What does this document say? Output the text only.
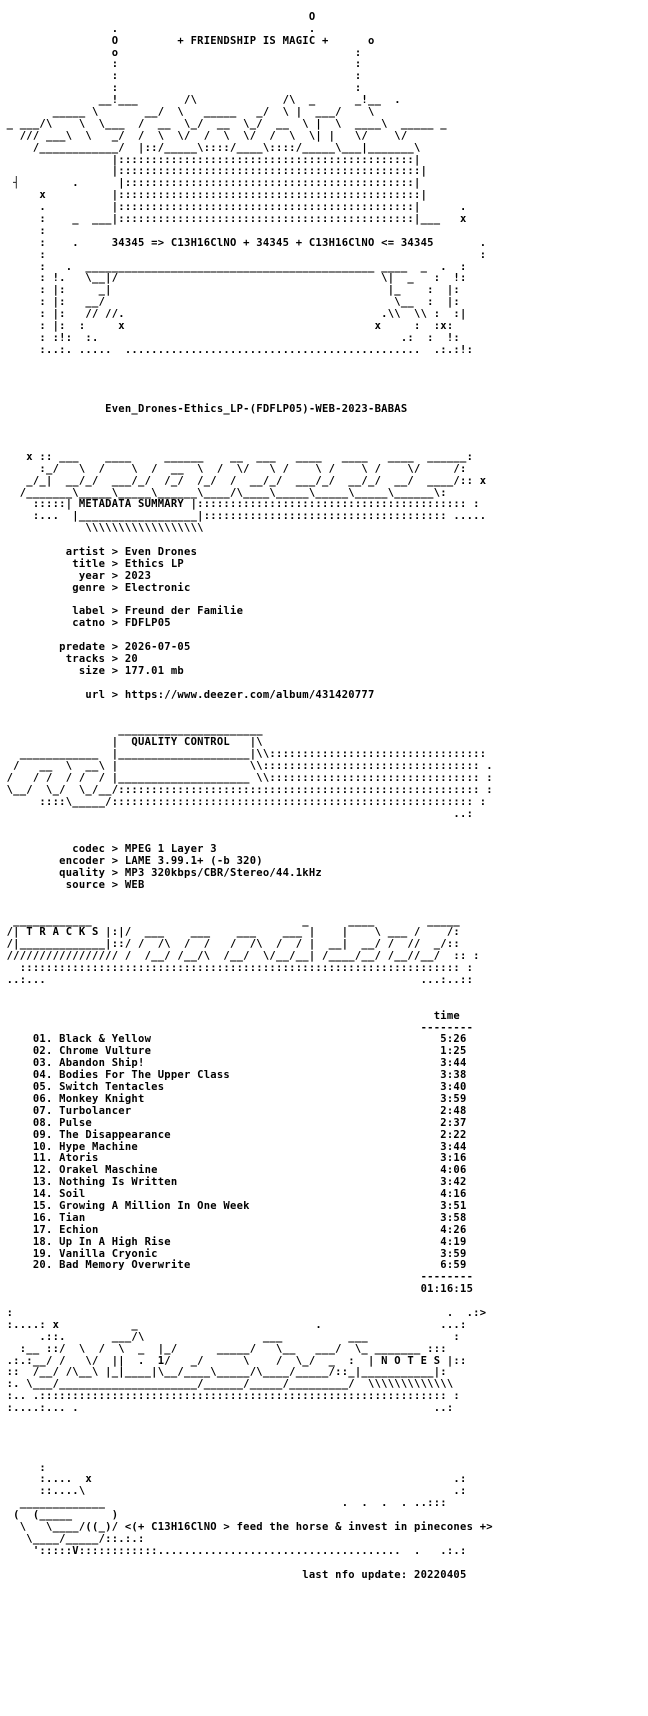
O
.                             .
O         + FRIENDSHIP IS MAGIC +      o
o                                    :
:                                    :
:                                    :
:                                    :
__!___       /\             /\  _      _!__  .
_____ \       __/  \   _____   _/  \ |  ___/    \
_ ___/\    \  \___  /  __  \_/  __  \_/  __  \ |  \  ____\  _____ _
/// ___\  \   _/  /  \  \/  /  \  \/  /  \  \| |   \/    \/
/____________/  |::/_____\::::/____\::::/_____\___|_______\
|:::::::::::::::::::::::::::::::::::::::::::::|
|::::::::::::::::::::::::::::::::::::::::::::::|
┤        .      |::::::::::::::::::::::::::::::::::::::::::::|
x          |::::::::::::::::::::::::::::::::::::::::::::::|
.          |:::::::::::::::::::::::::::::::::::::::::::::|      .
:    _  ___|:::::::::::::::::::::::::::::::::::::::::::::|___   x
:
:    .     34345 => C13H16ClNO + 34345 + C13H16ClNO <= 34345       .
:                                                                  :
:   .  ____________________________________________ ____  _  .  :
: !.   \__|/                                        \|  _   :  !:
: |:     _|                                          |_    :  |:
: |:   __/                                            \__  :  |:
: |:   // //.                                       .\\  \\ :  :|
: |:  :     x                                      x     :  :x:
: :!:  :.                                              .:  :  !:
:..:. .....  .............................................  .:.:!:

Even_Drones-Ethics_LP-(FDFLP05)-WEB-2023-BABAS

x :: ___    ____     ______    __  ___   ____   ____   ____  ______:
:_/   \  /    \  /  __  \  /  \/   \ /    \ /    \ /    \/     /:
_/_|  __/_/  ___/_/  /_/  /_/  /  __/_/  ___/_/  __/_/  __/  ____/:: x
/_______\_____\_____\______\____/\____\_____\_____\_____\______\:
:::::| METADATA SUMMARY |::::::::::::::::::::::::::::::::::::::::: :
:...  |__________________|::::::::::::::::::::::::::::::::::::: .....
\\\\\\\\\\\\\\\\\\

artist > Even Drones
title > Ethics LP
year > 2023
genre > Electronic

label > Freund der Familie
catno > FDFLP05

predate > 2026-07-05
tracks > 20
size > 177.01 mb

url > https://www.deezer.com/album/431420777

______________________
|  QUALITY CONTROL   |\
____________  |____________________|\\:::::::::::::::::::::::::::::::::
/   __  \  __\ |                    \\::::::::::::::::::::::::::::::::: .
/   / /  / /  / |____________________ \\:::::::::::::::::::::::::::::::: :
\__/  \_/  \_/__/::::::::::::::::::::::::::::::::::::::::::::::::::::::: :
::::\_____/::::::::::::::::::::::::::::::::::::::::::::::::::::::: :
..:

codec > MPEG 1 Layer 3
encoder > LAME 3.99.1+ (-b 320)
quality > MP3 320kbps/CBR/Stereo/44.1kHz
source > WEB

____________                                _      ____        _____
/| T R A C K S |:|/  ___    ___    ___    ___ |    |    \ ___ /    /:
/|_____________|::/ /  /\  /  /   /  /\  /  / |  __|  __/ /  //  _/::
///////////////// /  /__/ /__/\  /__/  \/__/__| /____/__/ /__//__/  :: :
::::::::::::::::::::::::::::::::::::::::::::::::::::::::::::::::::: :
..:...                                                         ...:..::

time
--------
01. Black & Yellow                                            5:26
02. Chrome Vulture                                            1:25
03. Abandon Ship!                                             3:44
04. Bodies For The Upper Class                                3:38
05. Switch Tentacles                                          3:40
06. Monkey Knight                                             3:59
07. Turbolancer                                               2:48
08. Pulse                                                     2:37
09. The Disappearance                                         2:22
10. Hype Machine                                              3:44
11. Atoris                                                    3:16
12. Orakel Maschine                                           4:06
13. Nothing Is Written                                        3:42
14. Soil                                                      4:16
15. Growing A Million In One Week                             3:51
16. Tian                                                      3:58
17. Echion                                                    4:26
18. Up In A High Rise                                         4:19
19. Vanilla Cryonic                                           3:59
20. Bad Memory Overwrite                                      6:59
--------
01:16:15

:                                                                  .  .:>
:....: x           _                           .                  ...:
.::.       ___/\                  ___          ___             :
:__ ::/  \  /  \  _  |_/      _____/   \__   ___/  \_ _______ :::
.:.:__/ /   \/  ||  .  1/   _/      \    /  \_/  _  :  | N O T E S |::
::  /__/ /\__\ |_|____|\__/____\_____/\____/_____/::_|___________|:
:. \___/_____________________/______/_____/_________/  \\\\\\\\\\\\\
:.. .:::::::::::::::::::::::::::::::::::::::::::::::::::::::::::::: :
:....:... .                                                      ..:

:
:....  x                                                       .:
::....\                                                        .:
_____________                                    .  .  .  . ..:::
(  (_____      )
\   \____/((_)/ <(+ C13H16ClNO > feed the horse & invest in pinecones +>
\____/_____/::.:.:
':::::V::::::::::::.....................................  .   .:.:

last nfo update: 20220405
